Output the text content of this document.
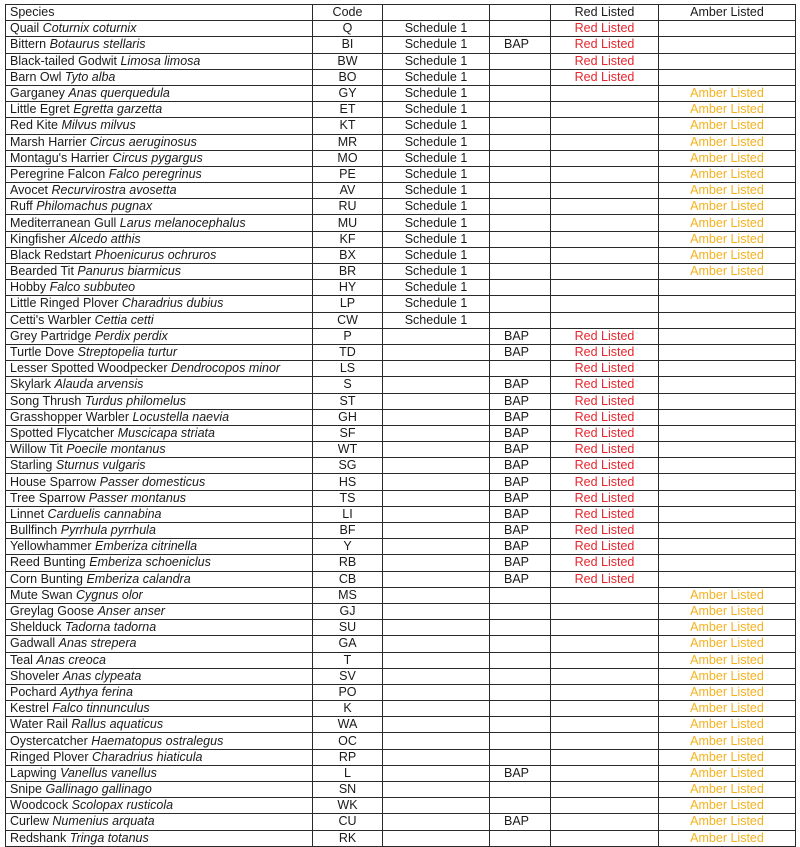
Species	Code			Red Listed	Amber Listed
Quail Coturnix coturnix	Q	Schedule 1		Red Listed	
Bittern Botaurus stellaris	BI	Schedule 1	BAP	Red Listed	
Black-tailed Godwit Limosa limosa	BW	Schedule 1		Red Listed	
Barn Owl Tyto alba	BO	Schedule 1		Red Listed	
Garganey Anas querquedula	GY	Schedule 1			Amber Listed
Little Egret Egretta garzetta	ET	Schedule 1			Amber Listed
Red Kite Milvus milvus	KT	Schedule 1			Amber Listed
Marsh Harrier Circus aeruginosus	MR	Schedule 1			Amber Listed
Montagu's Harrier Circus pygargus	MO	Schedule 1			Amber Listed
Peregrine Falcon Falco peregrinus	PE	Schedule 1			Amber Listed
Avocet Recurvirostra avosetta	AV	Schedule 1			Amber Listed
Ruff Philomachus pugnax	RU	Schedule 1			Amber Listed
Mediterranean Gull Larus melanocephalus	MU	Schedule 1			Amber Listed
Kingfisher Alcedo atthis	KF	Schedule 1			Amber Listed
Black Redstart Phoenicurus ochruros	BX	Schedule 1			Amber Listed
Bearded Tit Panurus biarmicus	BR	Schedule 1			Amber Listed
Hobby Falco subbuteo	HY	Schedule 1			
Little Ringed Plover Charadrius dubius	LP	Schedule 1			
Cetti's Warbler Cettia cetti	CW	Schedule 1			
Grey Partridge Perdix perdix	P		BAP	Red Listed	
Turtle Dove Streptopelia turtur	TD		BAP	Red Listed	
Lesser Spotted Woodpecker Dendrocopos minor	LS			Red Listed	
Skylark Alauda arvensis	S		BAP	Red Listed	
Song Thrush Turdus philomelus	ST		BAP	Red Listed	
Grasshopper Warbler Locustella naevia	GH		BAP	Red Listed	
Spotted Flycatcher Muscicapa striata	SF		BAP	Red Listed	
Willow Tit Poecile montanus	WT		BAP	Red Listed	
Starling Sturnus vulgaris	SG		BAP	Red Listed	
House Sparrow Passer domesticus	HS		BAP	Red Listed	
Tree Sparrow Passer montanus	TS		BAP	Red Listed	
Linnet Carduelis cannabina	LI		BAP	Red Listed	
Bullfinch Pyrrhula pyrrhula	BF		BAP	Red Listed	
Yellowhammer Emberiza citrinella	Y		BAP	Red Listed	
Reed Bunting Emberiza schoeniclus	RB		BAP	Red Listed	
Corn Bunting Emberiza calandra	CB		BAP	Red Listed	
Mute Swan Cygnus olor	MS				Amber Listed
Greylag Goose Anser anser	GJ				Amber Listed
Shelduck Tadorna tadorna	SU				Amber Listed
Gadwall Anas strepera	GA				Amber Listed
Teal Anas creoca	T				Amber Listed
Shoveler Anas clypeata	SV				Amber Listed
Pochard Aythya ferina	PO				Amber Listed
Kestrel Falco tinnunculus	K				Amber Listed
Water Rail Rallus aquaticus	WA				Amber Listed
Oystercatcher Haematopus ostralegus	OC				Amber Listed
Ringed Plover Charadrius hiaticula	RP				Amber Listed
Lapwing Vanellus vanellus	L		BAP		Amber Listed
Snipe Gallinago gallinago	SN				Amber Listed
Woodcock Scolopax rusticola	WK				Amber Listed
Curlew Numenius arquata	CU		BAP		Amber Listed
Redshank Tringa totanus	RK				Amber Listed
